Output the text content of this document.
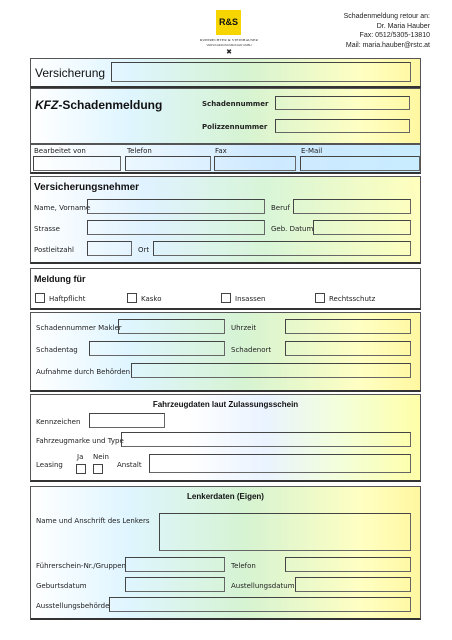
R&S
RUPPRECHTER & STEINHAUSER
VERSICHERUNGSMAKLER GMBH
✖
Schadenmeldung retour an:
Dr. Maria Hauber
Fax: 0512/5305-13810
Mail: maria.hauber@rstc.at
Versicherung
KFZ-Schadenmeldung	Schadennummer
Polizzennummer
Bearbeitet von	Telefon	Fax	E-Mail
Versicherungsnehmer
Name, Vorname	Beruf
Strasse	Geb. Datum
Postleitzahl	Ort
Meldung für
Haftpflicht	Kasko	Insassen	Rechtsschutz
Schadennummer Makler	Uhrzeit
Schadentag	Schadenort
Aufnahme durch Behörden
Fahrzeugdaten laut Zulassungsschein
Kennzeichen
Fahrzeugmarke und Type
Ja Nein
Leasing	Anstalt
Lenkerdaten (Eigen)
Name und Anschrift des Lenkers
Führerschein-Nr./Gruppen	Telefon
Geburtsdatum	Austellungsdatum
Ausstellungsbehörde
